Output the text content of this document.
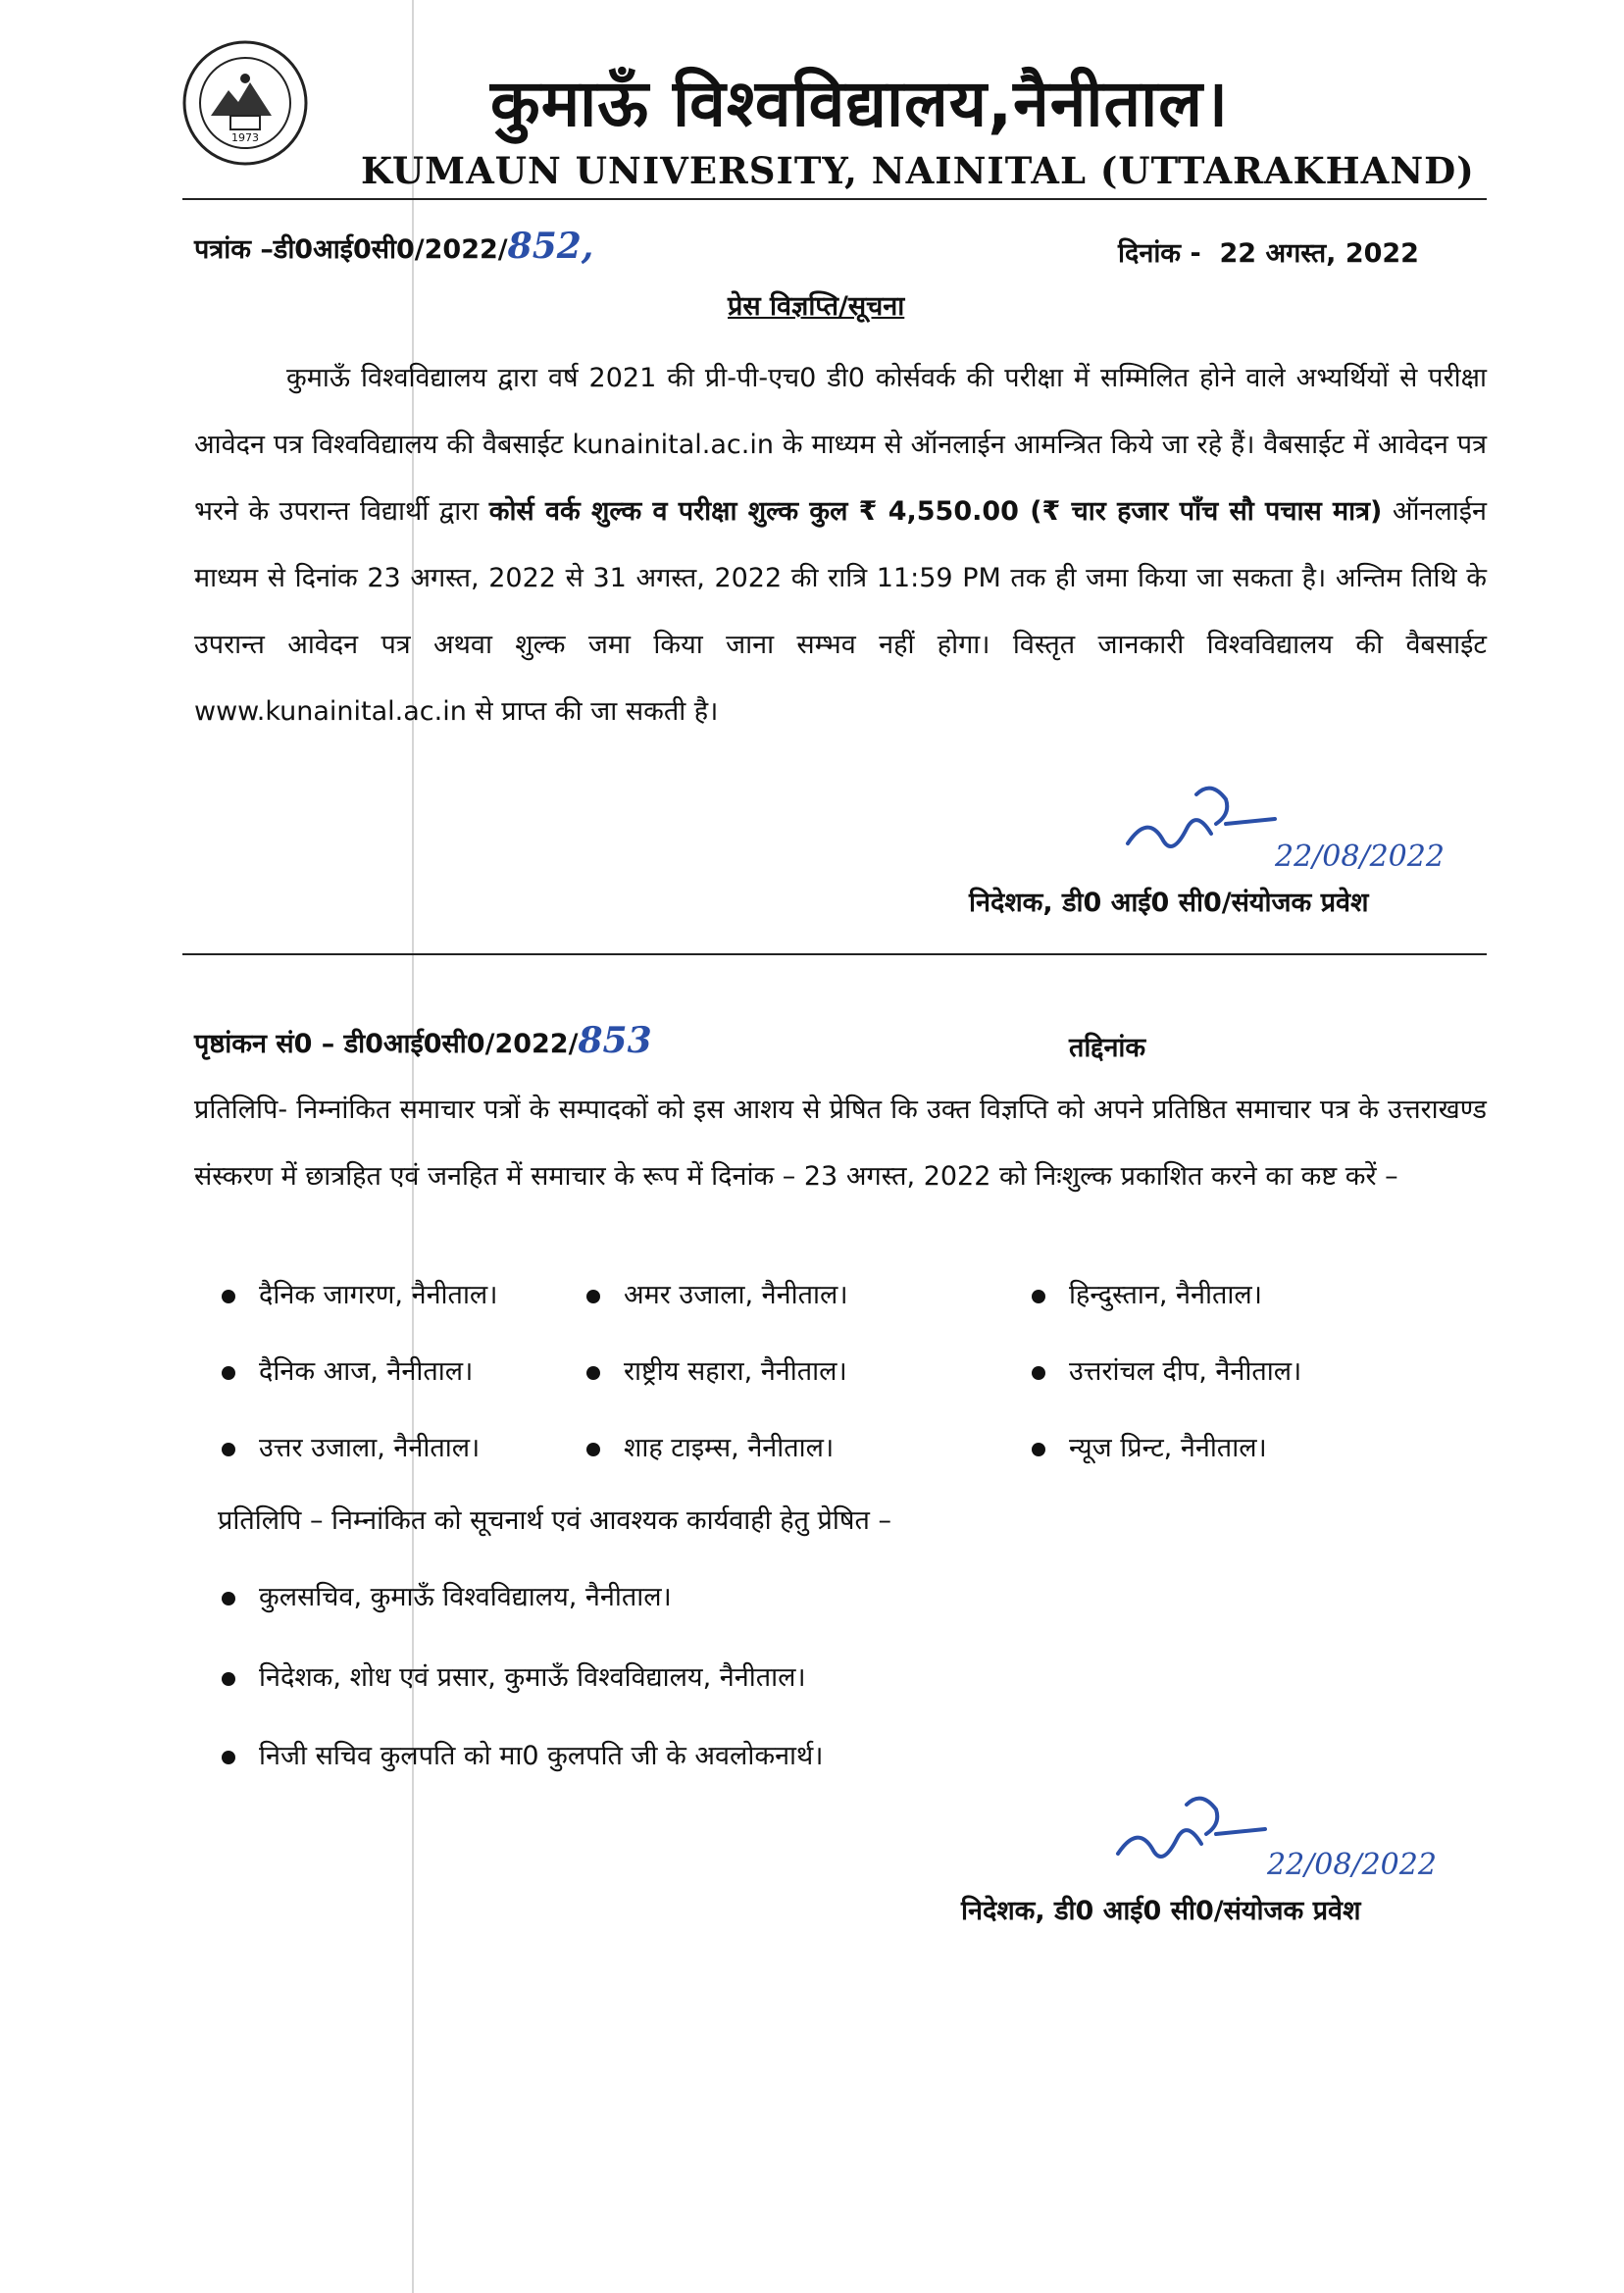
1973	कुमाऊँ विश्वविद्यालय,नैनीताल।
KUMAUN UNIVERSITY, NAINITAL (UTTARAKHAND)
पत्रांक –डी0आई0सी0/2022/852,	दिनांक - 22 अगस्त, 2022
प्रेस विज्ञप्ति/सूचना
कुमाऊँ विश्वविद्यालय द्वारा वर्ष 2021 की प्री-पी-एच0 डी0 कोर्सवर्क की परीक्षा में सम्मिलित होने वाले अभ्यर्थियों से परीक्षा आवेदन पत्र विश्वविद्यालय की वैबसाईट kunainital.ac.in के माध्यम से ऑनलाईन आमन्त्रित किये जा रहे हैं। वैबसाईट में आवेदन पत्र भरने के उपरान्त विद्यार्थी द्वारा कोर्स वर्क शुल्क व परीक्षा शुल्क कुल ₹ 4,550.00 (₹ चार हजार पाँच सौ पचास मात्र) ऑनलाईन माध्यम से दिनांक 23 अगस्त, 2022 से 31 अगस्त, 2022 की रात्रि 11:59 PM तक ही जमा किया जा सकता है। अन्तिम तिथि के उपरान्त आवेदन पत्र अथवा शुल्क जमा किया जाना सम्भव नहीं होगा। विस्तृत जानकारी विश्वविद्यालय की वैबसाईट www.kunainital.ac.in से प्राप्त की जा सकती है।
22/08/2022
निदेशक, डी0 आई0 सी0/संयोजक प्रवेश
पृष्ठांकन सं0 – डी0आई0सी0/2022/853	तद्दिनांक
प्रतिलिपि- निम्नांकित समाचार पत्रों के सम्पादकों को इस आशय से प्रेषित कि उक्त विज्ञप्ति को अपने प्रतिष्ठित समाचार पत्र के उत्तराखण्ड संस्करण में छात्रहित एवं जनहित में समाचार के रूप में दिनांक – 23 अगस्त, 2022 को निःशुल्क प्रकाशित करने का कष्ट करें –
दैनिक जागरण, नैनीताल।	अमर उजाला, नैनीताल।	हिन्दुस्तान, नैनीताल।
दैनिक आज, नैनीताल।	राष्ट्रीय सहारा, नैनीताल।	उत्तरांचल दीप, नैनीताल।
उत्तर उजाला, नैनीताल।	शाह टाइम्स, नैनीताल।	न्यूज प्रिन्ट, नैनीताल।
प्रतिलिपि – निम्नांकित को सूचनार्थ एवं आवश्यक कार्यवाही हेतु प्रेषित –
कुलसचिव, कुमाऊँ विश्वविद्यालय, नैनीताल।
निदेशक, शोध एवं प्रसार, कुमाऊँ विश्वविद्यालय, नैनीताल।
निजी सचिव कुलपति को मा0 कुलपति जी के अवलोकनार्थ।
22/08/2022
निदेशक, डी0 आई0 सी0/संयोजक प्रवेश
